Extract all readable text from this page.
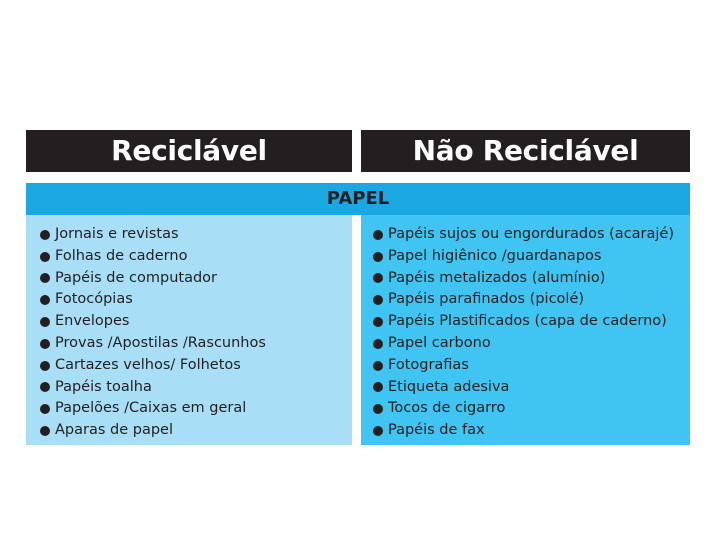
Reciclável	Não Reciclável
PAPEL
Jornais e revistas
Folhas de caderno
Papéis de computador
Fotocópias
Envelopes
Provas /Apostilas /Rascunhos
Cartazes velhos/ Folhetos
Papéis toalha
Papelões /Caixas em geral
Aparas de papel
Papéis sujos ou engordurados (acarajé)
Papel higiênico /guardanapos
Papéis metalizados (alumínio)
Papéis parafinados (picolé)
Papéis Plastificados (capa de caderno)
Papel carbono
Fotografias
Etiqueta adesiva
Tocos de cigarro
Papéis de fax
